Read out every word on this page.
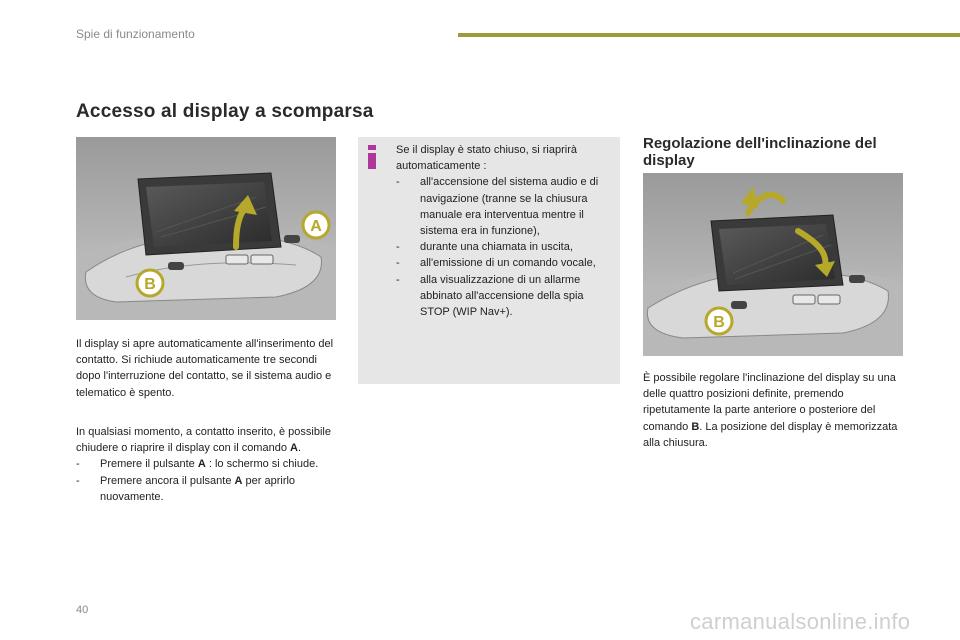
Spie di funzionamento
Accesso al display a scomparsa
A
B

Il display si apre automaticamente all'inserimento del contatto. Si richiude automaticamente tre secondi dopo l'interruzione del contatto, se il sistema audio e telematico è spento.

In qualsiasi momento, a contatto inserito, è possibile chiudere o riaprire il display con il comando A.

-	Premere il pulsante A : lo schermo si chiude.
-	Premere ancora il pulsante A per aprirlo nuovamente.

Se il display è stato chiuso, si riaprirà automaticamente :

-	all'accensione del sistema audio e di navigazione (tranne se la chiusura manuale era interventua mentre il sistema era in funzione),
-	durante una chiamata in uscita,
-	all'emissione di un comando vocale,
-	alla visualizzazione di un allarme abbinato all'accensione della spia STOP (WIP Nav+).
Regolazione dell'inclinazione del display
B

È possibile regolare l'inclinazione del display su una delle quattro posizioni definite, premendo ripetutamente la parte anteriore o posteriore del comando B. La posizione del display è memorizzata alla chiusura.

40	carmanualsonline.info
